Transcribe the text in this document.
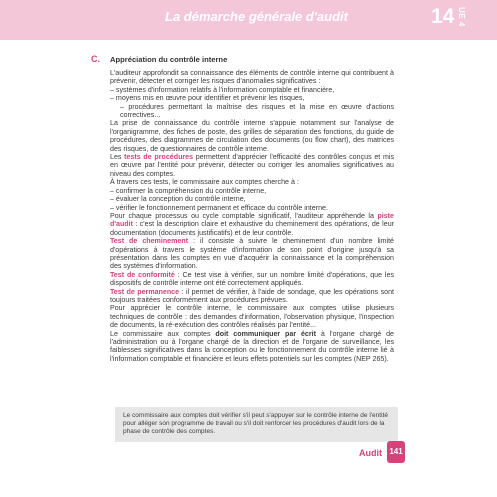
La démarche générale d'audit	14 UE 4
C. Appréciation du contrôle interne

L'auditeur approfondit sa connaissance des éléments de contrôle interne qui contribuent à prévenir, détecter et corriger les risques d'anomalies significatives :

– systèmes d'information relatifs à l'information comptable et financière,

– moyens mis en œuvre pour identifier et prévenir les risques,

– procédures permettant la maîtrise des risques et la mise en œuvre d'actions correctives...

La prise de connaissance du contrôle interne s'appuie notamment sur l'analyse de l'organigramme, des fiches de poste, des grilles de séparation des fonctions, du guide de procédures, des diagrammes de circulation des documents (ou flow chart), des matrices des risques, de questionnaires de contrôle interne.

Les tests de procédures permettent d'apprécier l'efficacité des contrôles conçus et mis en œuvre par l'entité pour prévenir, détecter ou corriger les anomalies significatives au niveau des comptes.

À travers ces tests, le commissaire aux comptes cherche à :

– confirmer la compréhension du contrôle interne,

– évaluer la conception du contrôle interne,

– vérifier le fonctionnement permanent et efficace du contrôle interne.

Pour chaque processus ou cycle comptable significatif, l'auditeur appréhende la piste d'audit : c'est la description claire et exhaustive du cheminement des opérations, de leur documentation (documents justificatifs) et de leur contrôle.

Test de cheminement : il consiste à suivre le cheminement d'un nombre limité d'opérations à travers le système d'information de son point d'origine jusqu'à sa présentation dans les comptes en vue d'acquérir la connaissance et la compréhension des systèmes d'information.

Test de conformité : Ce test vise à vérifier, sur un nombre limité d'opérations, que les dispositifs de contrôle interne ont été correctement appliqués.

Test de permanence : il permet de vérifier, à l'aide de sondage, que les opérations sont toujours traitées conformément aux procédures prévues.

Pour apprécier le contrôle interne, le commissaire aux comptes utilise plusieurs techniques de contrôle : des demandes d'information, l'observation physique, l'inspection de documents, la ré-exécution des contrôles réalisés par l'entité...

Le commissaire aux comptes doit communiquer par écrit à l'organe chargé de l'administration ou à l'organe chargé de la direction et de l'organe de surveillance, les faiblesses significatives dans la conception ou le fonctionnement du contrôle interne lié à l'information comptable et financière et leurs effets potentiels sur les comptes (NEP 265).

Le commissaire aux comptes doit vérifier s'il peut s'appuyer sur le contrôle interne de l'entité pour alléger son programme de travail ou s'il doit renforcer les procédures d'audit lors de la phase de contrôle des comptes.
Audit 141
